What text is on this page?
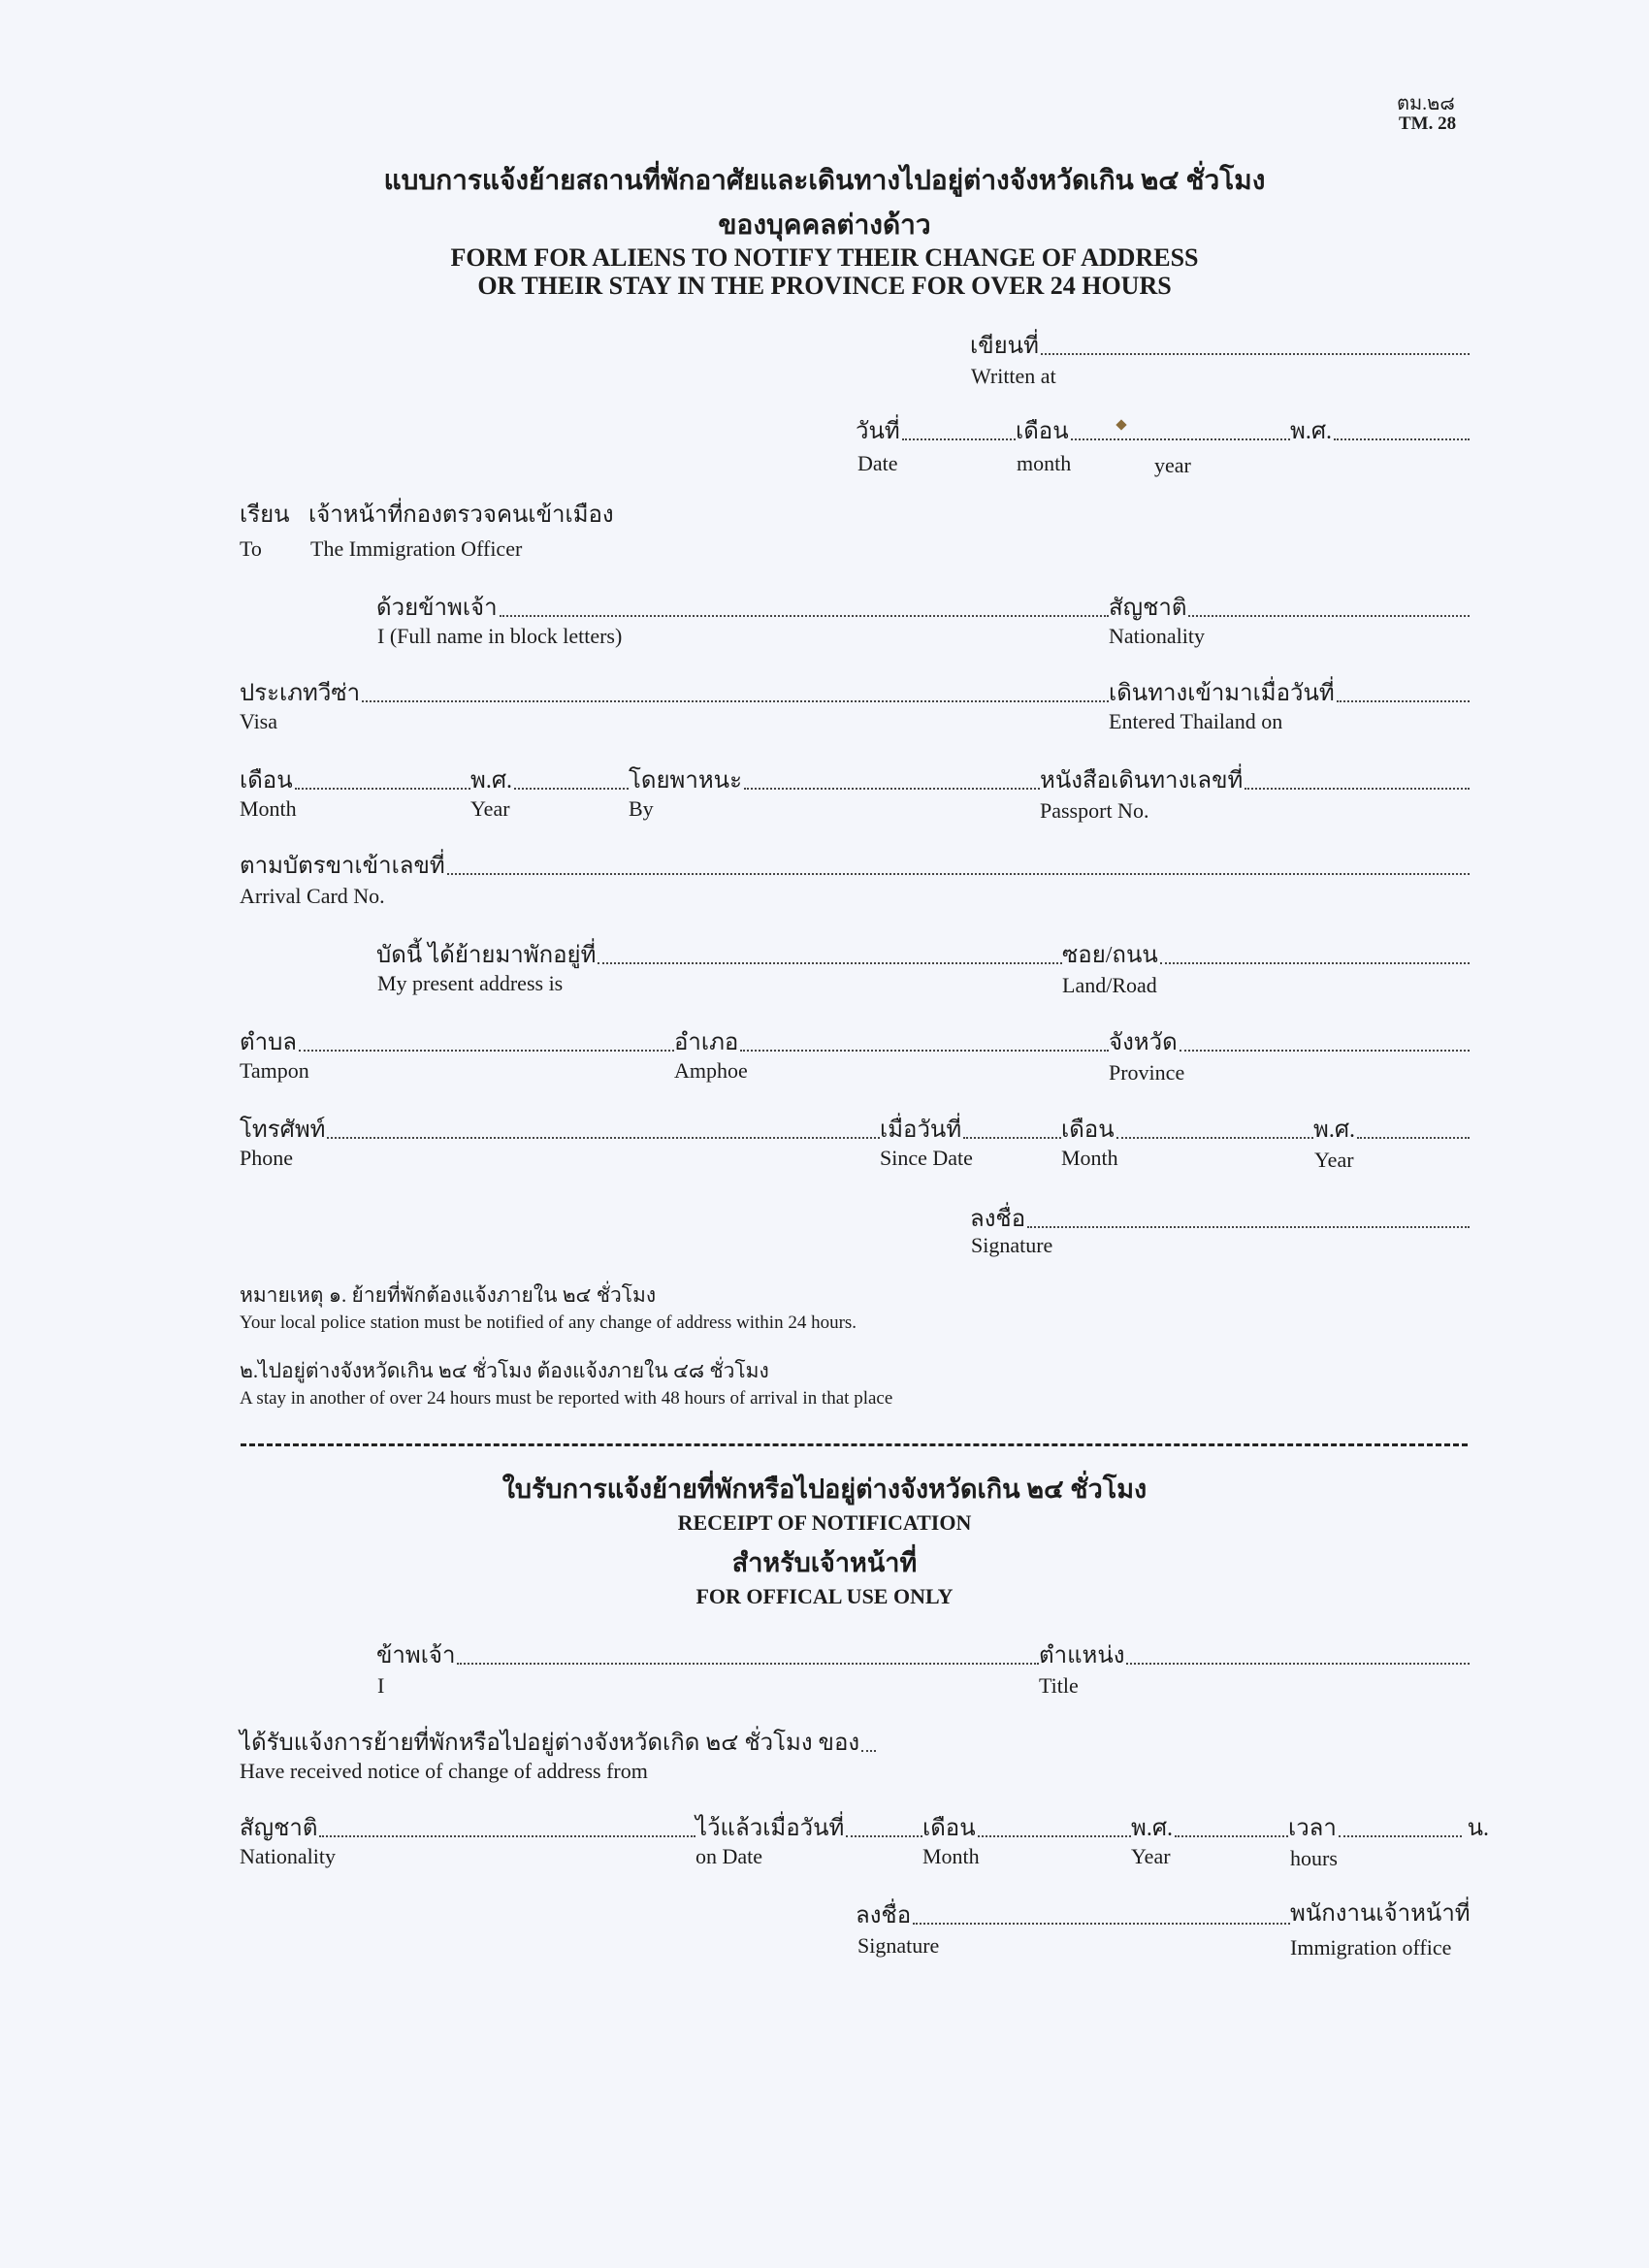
ตม.๒๘
TM. 28
แบบการแจ้งย้ายสถานที่พักอาศัยและเดินทางไปอยู่ต่างจังหวัดเกิน ๒๔ ชั่วโมง
ของบุคคลต่างด้าว
FORM FOR ALIENS TO NOTIFY THEIR CHANGE OF ADDRESS
OR THEIR STAY IN THE PROVINCE FOR OVER 24 HOURS
เขียนที่
Written at
วันที่	เดือน	พ.ศ.
Date	month	year
เรียน เจ้าหน้าที่กองตรวจคนเข้าเมือง
To The Immigration Officer
ด้วยข้าพเจ้า	สัญชาติ
I (Full name in block letters)	Nationality
ประเภทวีซ่า	เดินทางเข้ามาเมื่อวันที่
Visa	Entered Thailand on
เดือน	พ.ศ.	โดยพาหนะ	หนังสือเดินทางเลขที่
Month	Year	By	Passport No.
ตามบัตรขาเข้าเลขที่
Arrival Card No.
บัดนี้ ได้ย้ายมาพักอยู่ที่	ซอย/ถนน
My present address is	Land/Road
ตำบล	อำเภอ	จังหวัด
Tampon	Amphoe	Province
โทรศัพท์	เมื่อวันที่	เดือน	พ.ศ.
Phone	Since Date	Month	Year
ลงชื่อ
Signature
หมายเหตุ ๑. ย้ายที่พักต้องแจ้งภายใน ๒๔ ชั่วโมง
Your local police station must be notified of any change of address within 24 hours.
๒.ไปอยู่ต่างจังหวัดเกิน ๒๔ ชั่วโมง ต้องแจ้งภายใน ๔๘ ชั่วโมง
A stay in another of over 24 hours must be reported with 48 hours of arrival in that place
ใบรับการแจ้งย้ายที่พักหรือไปอยู่ต่างจังหวัดเกิน ๒๔ ชั่วโมง
RECEIPT OF NOTIFICATION
สำหรับเจ้าหน้าที่
FOR OFFICAL USE ONLY
ข้าพเจ้า	ตำแหน่ง
I	Title
ได้รับแจ้งการย้ายที่พักหรือไปอยู่ต่างจังหวัดเกิด ๒๔ ชั่วโมง ของ
Have received notice of change of address from
สัญชาติ	ไว้แล้วเมื่อวันที่	เดือน	พ.ศ.	เวลา	น.
Nationality	on Date	Month	Year	hours
ลงชื่อ	พนักงานเจ้าหน้าที่
Signature	Immigration office
